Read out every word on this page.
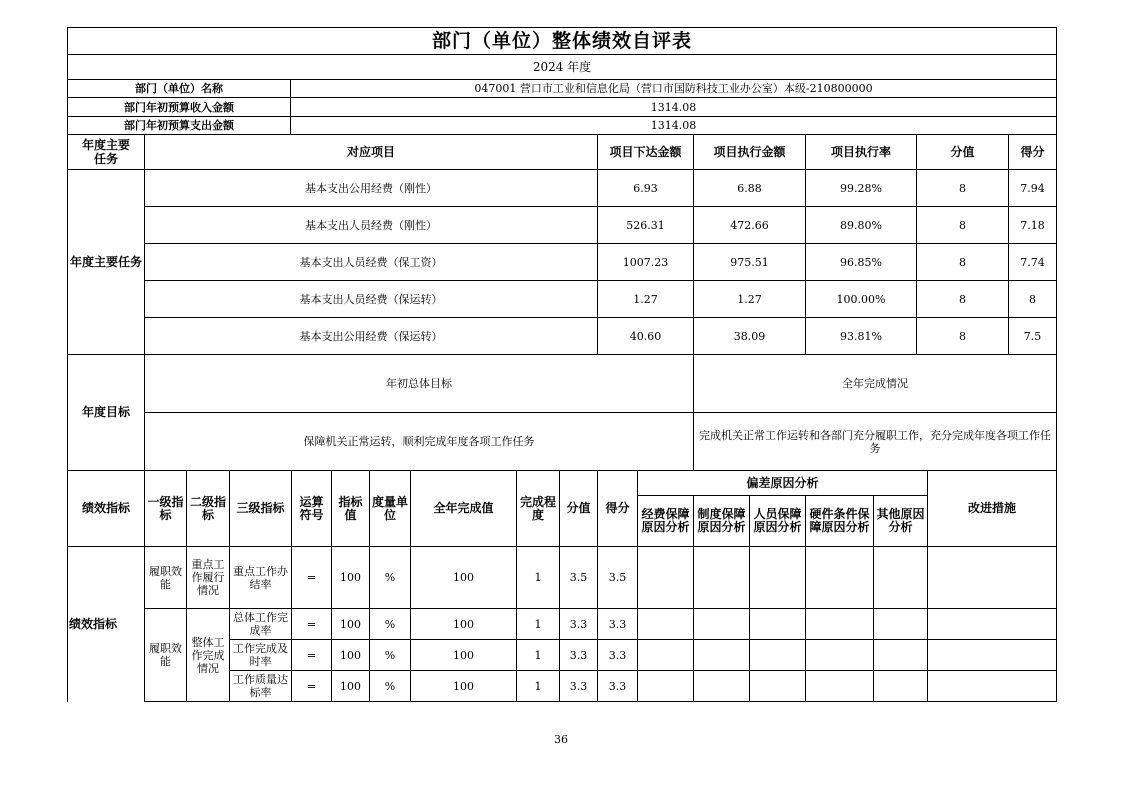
部门（单位）整体绩效自评表							
2024 年度							
部门（单位）名称		047001 营口市工业和信息化局（营口市国防科技工业办公室）本级-210800000					
部门年初预算收入金额		1314.08					
部门年初预算支出金额		1314.08					
年度主要
任务	对应项目		项目下达金额	项目执行金额	项目执行率	分值	得分
年度主要任务	基本支出公用经费（刚性）		6.93	6.88	99.28%	8	7.94
	基本支出人员经费（刚性）		526.31	472.66	89.80%	8	7.18
	基本支出人员经费（保工资）		1007.23	975.51	96.85%	8	7.74
	基本支出人员经费（保运转）		1.27	1.27	100.00%	8	8
	基本支出公用经费（保运转）		40.60	38.09	93.81%	8	7.5
年度目标	年初总体目标			全年完成情况			
	保障机关正常运转，顺利完成年度各项工作任务			完成机关正常工作运转和各部门充分履职工作，充分完成年度各项工作任务			
绩效指标	一级指标	二级指标	三级指标	运算符号	指标值	度量单位	全年完成值	完成程度	分值	得分	偏差原因分析					改进措施
											经费保障原因分析	制度保障原因分析	人员保障原因分析	硬件条件保障原因分析	其他原因分析	
绩效指标	履职效能	重点工作履行情况	重点工作办结率	=	100	%	100	1	3.5	3.5						
	履职效能	整体工作完成情况	总体工作完成率	=	100	%	100	1	3.3	3.3						
			工作完成及时率	=	100	%	100	1	3.3	3.3						
			工作质量达标率	=	100	%	100	1	3.3	3.3						
36
